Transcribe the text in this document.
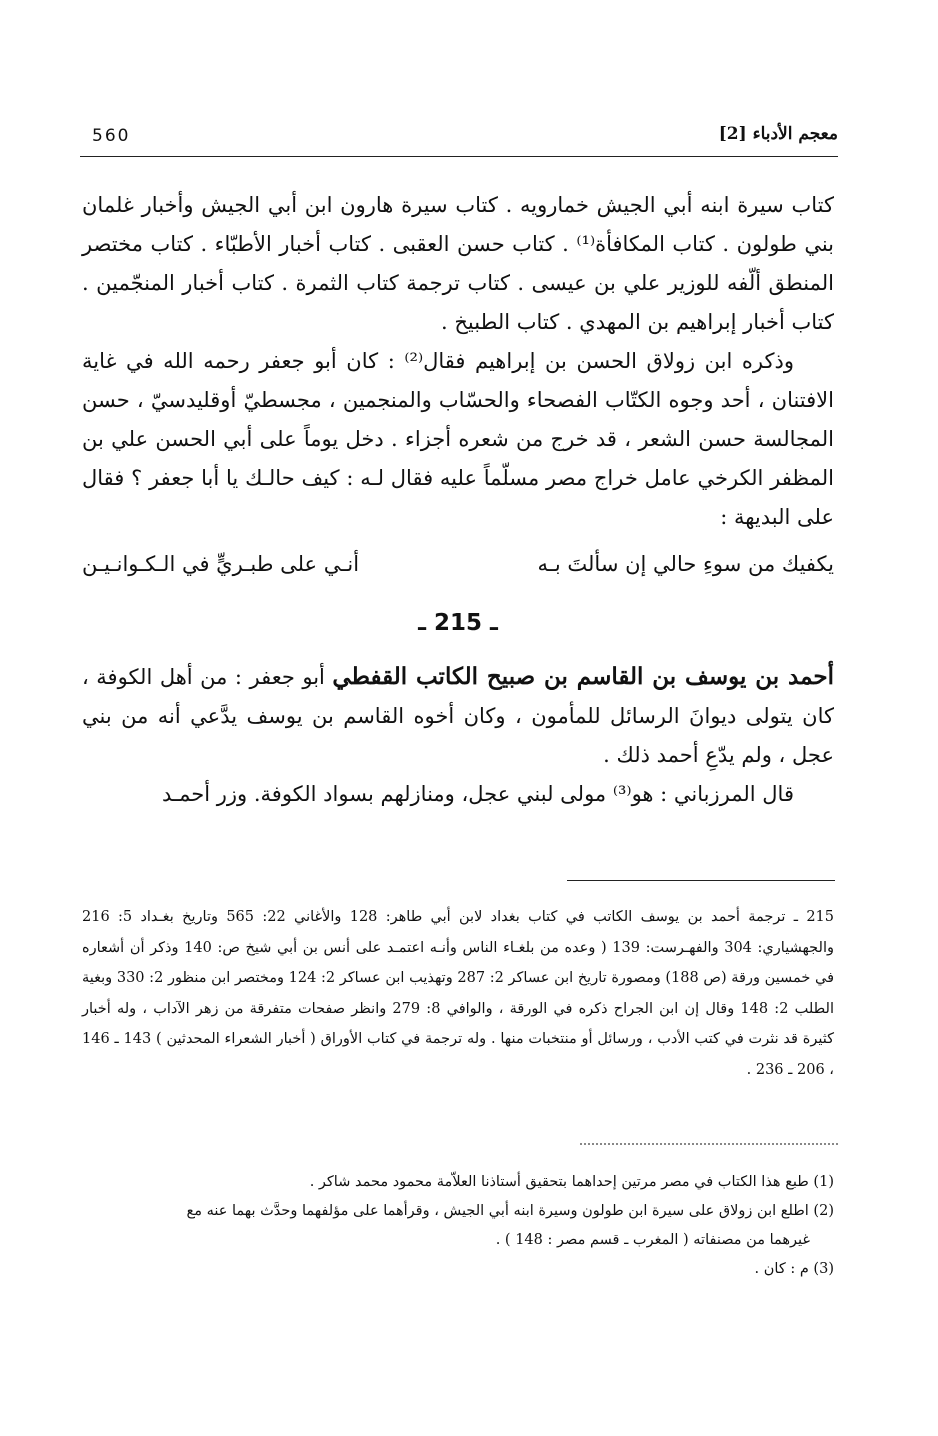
560	معجم الأدباء [2]

كتاب سيرة ابنه أبي الجيش خمارويه . كتاب سيرة هارون ابن أبي الجيش وأخبار غلمان بني طولون . كتاب المكافأة⁽¹⁾ . كتاب حسن العقبى . كتاب أخبار الأطبّاء . كتاب مختصر المنطق ألّفه للوزير علي بن عيسى . كتاب ترجمة كتاب الثمرة . كتاب أخبار المنجّمين . كتاب أخبار إبراهيم بن المهدي . كتاب الطبيخ .

وذكره ابن زولاق الحسن بن إبراهيم فقال⁽²⁾ : كان أبو جعفر رحمه الله في غاية الافتنان ، أحد وجوه الكتّاب الفصحاء والحسّاب والمنجمين ، مجسطيّ أوقليدسيّ ، حسن المجالسة حسن الشعر ، قد خرج من شعره أجزاء . دخل يوماً على أبي الحسن علي بن المظفر الكرخي عامل خراج مصر مسلّماً عليه فقال لـه : كيف حالـك يا أبا جعفر ؟ فقال على البديهة :

يكفيك من سوءِ حالي إن سألتَ بـه
أنـي على طبـريٍّ في الـكـوانـيـن
ـ 215 ـ

أحمد بن يوسف بن القاسم بن صبيح الكاتب القفطي أبو جعفر : من أهل الكوفة ، كان يتولى ديوانَ الرسائل للمأمون ، وكان أخوه القاسم بن يوسف يدَّعي أنه من بني عجل ، ولم يدّعِ أحمد ذلك .

قال المرزباني : هو⁽³⁾ مولى لبني عجل، ومنازلهم بسواد الكوفة. وزر أحمـد

215 ـ ترجمة أحمد بن يوسف الكاتب في كتاب بغداد لابن أبي طاهر: 128 والأغاني 22: 565 وتاريخ بغـداد 5: 216 والجهشياري: 304 والفهـرست: 139 ( وعده من بلغـاء الناس وأنـه اعتمـد على أنس بن أبي شيخ ص: 140 وذكر أن أشعاره في خمسين ورقة (ص 188) ومصورة تاريخ ابن عساكر 2: 287 وتهذيب ابن عساكر 2: 124 ومختصر ابن منظور 2: 330 وبغية الطلب 2: 148 وقال إن ابن الجراح ذكره في الورقة ، والوافي 8: 279 وانظر صفحات متفرقة من زهر الآداب ، وله أخبار كثيرة قد نثرت في كتب الأدب ، ورسائل أو منتخبات منها . وله ترجمة في كتاب الأوراق ( أخبار الشعراء المحدثين ) 143 ـ 146 ، 206 ـ 236 .

(1) طبع هذا الكتاب في مصر مرتين إحداهما بتحقيق أستاذنا العلاّمة محمود محمد شاكر .

(2) اطلع ابن زولاق على سيرة ابن طولون وسيرة ابنه أبي الجيش ، وقرأهما على مؤلفهما وحدَّث بهما عنه مع

غيرهما من مصنفاته ( المغرب ـ قسم مصر : 148 ) .

(3) م : كان .
